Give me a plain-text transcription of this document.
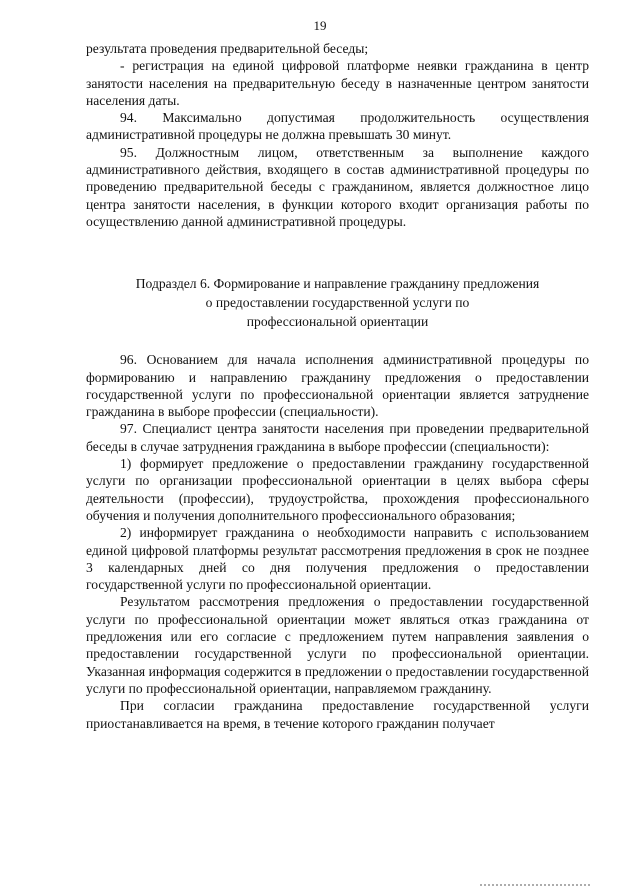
19

результата проведения предварительной беседы;

- регистрация на единой цифровой платформе неявки гражданина в центр занятости населения на предварительную беседу в назначенные центром занятости населения даты.

94. Максимально допустимая продолжительность осуществления административной процедуры не должна превышать 30 минут.

95. Должностным лицом, ответственным за выполнение каждого административного действия, входящего в состав административной процедуры по проведению предварительной беседы с гражданином, является должностное лицо центра занятости населения, в функции которого входит организация работы по осуществлению данной административной процедуры.

Подраздел 6. Формирование и направление гражданину предложения
о предоставлении государственной услуги по
профессиональной ориентации

96. Основанием для начала исполнения административной процедуры по формированию и направлению гражданину предложения о предоставлении государственной услуги по профессиональной ориентации является затруднение гражданина в выборе профессии (специальности).

97. Специалист центра занятости населения при проведении предварительной беседы в случае затруднения гражданина в выборе профессии (специальности):

1) формирует предложение о предоставлении гражданину государственной услуги по организации профессиональной ориентации в целях выбора сферы деятельности (профессии), трудоустройства, прохождения профессионального обучения и получения дополнительного профессионального образования;

2) информирует гражданина о необходимости направить с использованием единой цифровой платформы результат рассмотрения предложения в срок не позднее 3 календарных дней со дня получения предложения о предоставлении государственной услуги по профессиональной ориентации.

Результатом рассмотрения предложения о предоставлении государственной услуги по профессиональной ориентации может являться отказ гражданина от предложения или его согласие с предложением путем направления заявления о предоставлении государственной услуги по профессиональной ориентации. Указанная информация содержится в предложении о предоставлении государственной услуги по профессиональной ориентации, направляемом гражданину.

При согласии гражданина предоставление государственной услуги приостанавливается на время, в течение которого гражданин получает
